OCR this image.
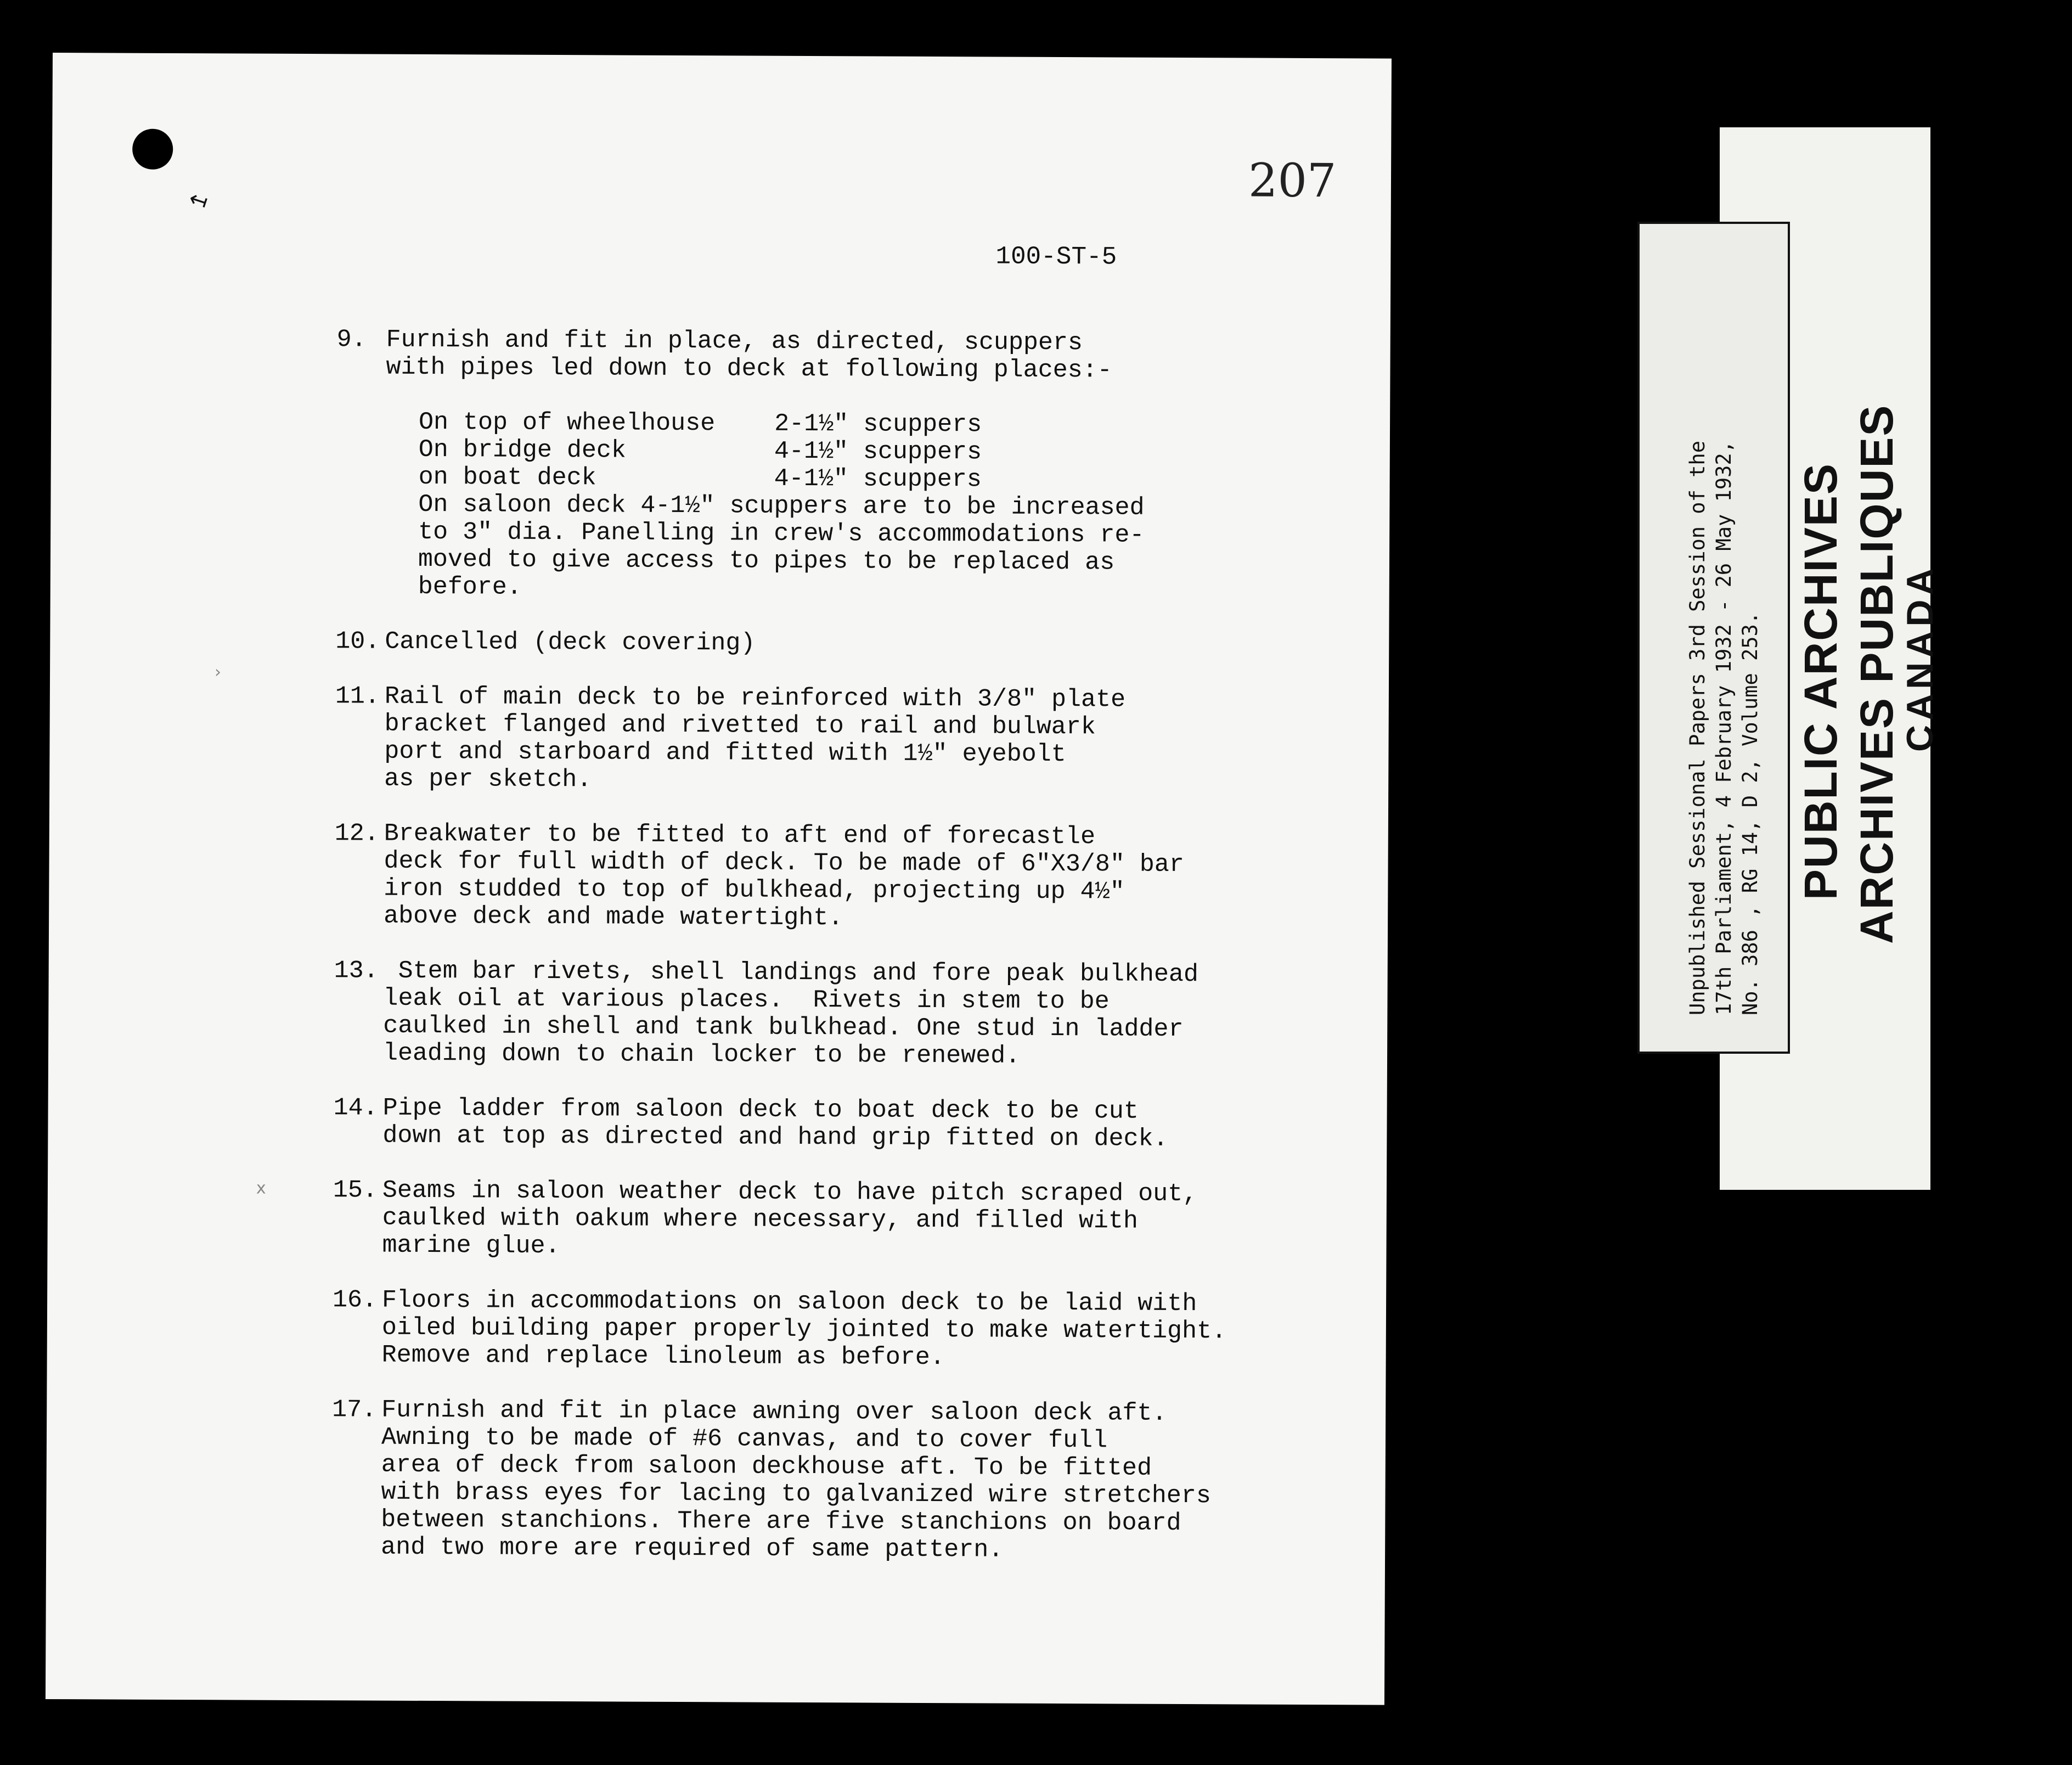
↤	207
100-ST-5
›
x
9. Furnish and fit in place, as directed, scuppers
with pipes led down to deck at following places:-
On top of wheelhouse    2-1½" scuppers
On bridge deck          4-1½" scuppers
on boat deck            4-1½" scuppers
On saloon deck 4-1½" scuppers are to be increased
to 3" dia. Panelling in crew's accommodations re-
moved to give access to pipes to be replaced as
before.
10. Cancelled (deck covering)
11. Rail of main deck to be reinforced with 3/8" plate
bracket flanged and rivetted to rail and bulwark
port and starboard and fitted with 1½" eyebolt
as per sketch.
12. Breakwater to be fitted to aft end of forecastle
deck for full width of deck. To be made of 6"X3/8" bar
iron studded to top of bulkhead, projecting up 4½"
above deck and made watertight.
13. Stem bar rivets, shell landings and fore peak bulkhead
leak oil at various places.  Rivets in stem to be
caulked in shell and tank bulkhead. One stud in ladder
leading down to chain locker to be renewed.
14. Pipe ladder from saloon deck to boat deck to be cut
down at top as directed and hand grip fitted on deck.
15. Seams in saloon weather deck to have pitch scraped out,
caulked with oakum where necessary, and filled with
marine glue.
16. Floors in accommodations on saloon deck to be laid with
oiled building paper properly jointed to make watertight.
Remove and replace linoleum as before.
17. Furnish and fit in place awning over saloon deck aft.
Awning to be made of #6 canvas, and to cover full
area of deck from saloon deckhouse aft. To be fitted
with brass eyes for lacing to galvanized wire stretchers
between stanchions. There are five stanchions on board
and two more are required of same pattern.
Unpublished Sessional Papers 3rd Session of the 17th Parliament, 4 February 1932 - 26 May 1932, No. 386 , RG 14, D 2, Volume 253. PUBLIC ARCHIVES ARCHIVES PUBLIQUES
CANADA
